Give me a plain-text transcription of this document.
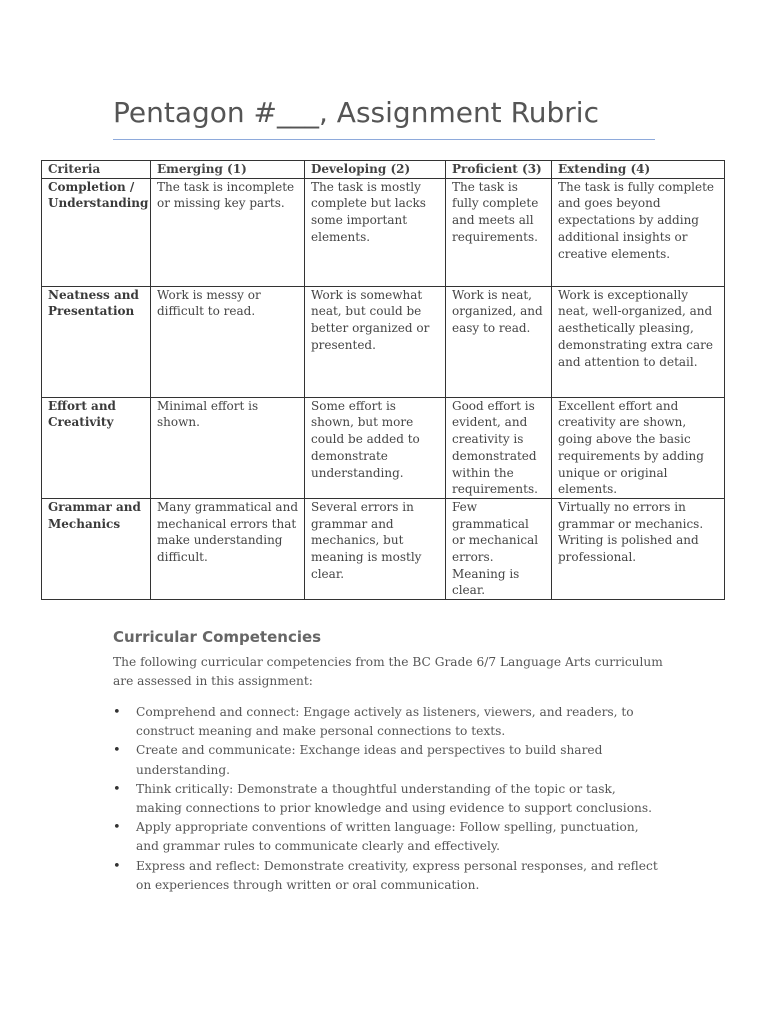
Pentagon #___, Assignment Rubric
Criteria	Emerging (1)	Developing (2)	Proficient (3)	Extending (4)
Completion / Understanding	The task is incomplete or missing key parts.	The task is mostly complete but lacks some important elements.	The task is fully complete and meets all requirements.	The task is fully complete and goes beyond expectations by adding additional insights or creative elements.
Neatness and Presentation	Work is messy or difficult to read.	Work is somewhat neat, but could be better organized or presented.	Work is neat, organized, and easy to read.	Work is exceptionally neat, well-organized, and aesthetically pleasing, demonstrating extra care and attention to detail.
Effort and Creativity	Minimal effort is shown.	Some effort is shown, but more could be added to demonstrate understanding.	Good effort is evident, and creativity is demonstrated within the requirements.	Excellent effort and creativity are shown, going above the basic requirements by adding unique or original elements.
Grammar and Mechanics	Many grammatical and mechanical errors that make understanding difficult.	Several errors in grammar and mechanics, but meaning is mostly clear.	Few grammatical or mechanical errors. Meaning is clear.	Virtually no errors in grammar or mechanics. Writing is polished and professional.
Curricular Competencies
The following curricular competencies from the BC Grade 6/7 Language Arts curriculum are assessed in this assignment:
• Comprehend and connect: Engage actively as listeners, viewers, and readers, to construct meaning and make personal connections to texts.
• Create and communicate: Exchange ideas and perspectives to build shared understanding.
• Think critically: Demonstrate a thoughtful understanding of the topic or task, making connections to prior knowledge and using evidence to support conclusions.
• Apply appropriate conventions of written language: Follow spelling, punctuation, and grammar rules to communicate clearly and effectively.
• Express and reflect: Demonstrate creativity, express personal responses, and reflect on experiences through written or oral communication.
